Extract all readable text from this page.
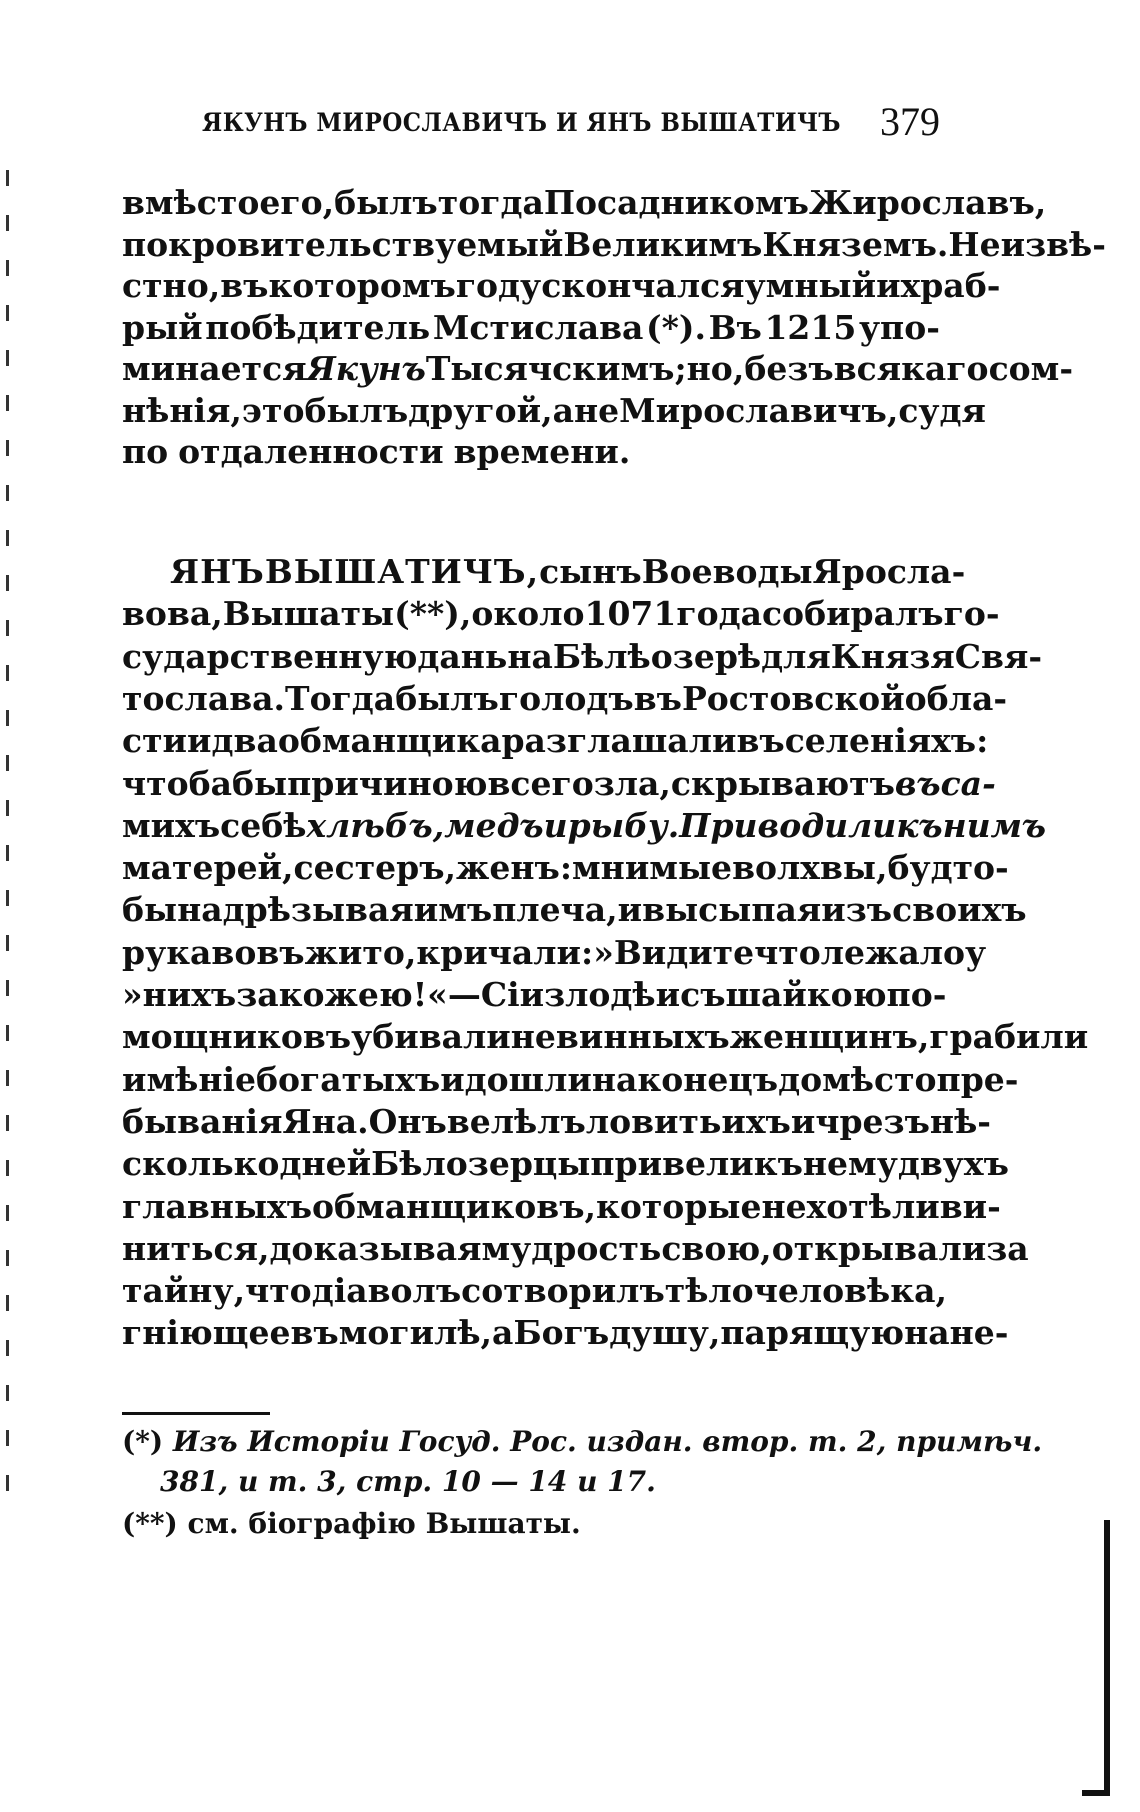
ЯКУНЪ МИРОСЛАВИЧЪ И ЯНЪ ВЫШАТИЧЪ 379
вмѣсто его, былъ тогда Посадникомъ Жирославъ,
покровительствуемый Великимъ Княземъ. Неизвѣ-
стно, въ которомъ году скончался умный и храб-
рый побѣдитель Мстислава (*). Въ 1215 упо-
минается Якунъ Тысячскимъ; но, безъ всякаго сом-
нѣнія, это былъ другой, а не Мирославичъ, судя
по отдаленности времени.
ЯНЪ ВЫШАТИЧЪ, сынъ Воеводы Яросла-
вова, Вышаты (**), около 1071 года собиралъ го-
сударственную дань на Бѣлѣозерѣ для Князя Свя-
тослава. Тогда былъ голодъ въ Ростовской обла-
сти и два обманщика разглашали въ селеніяхъ:
что бабы причиною всего зла, скрываютъ въ са-
михъ себѣ хлѣбъ, медъ и рыбу. Приводили къ нимъ
матерей, сестеръ, женъ: мнимые волхвы, будто-
бы надрѣзывая имъ плеча, и высыпая изъ своихъ
рукавовъ жито, кричали: »Видите что лежало у
»нихъ за кожею!« — Сіи злодѣи съ шайкою по-
мощниковъ убивали невинныхъ женщинъ, грабили
имѣніе богатыхъ и дошли наконецъ до мѣстопре-
быванія Яна. Онъ велѣлъ ловить ихъ и чрезъ нѣ-
сколько дней Бѣлозерцы привели къ нему двухъ
главныхъ обманщиковъ, которые не хотѣли ви-
ниться, доказывая мудрость свою, открывали за
тайну, что діаволъ сотворилъ тѣло человѣка,
гніющее въ могилѣ, а Богъ душу, парящую на не-
(*) Изъ Исторіи Госуд. Рос. издан. втор. т. 2, примѣч.
381, и т. 3, стр. 10 — 14 и 17.
(**) см. біографію Вышаты.
